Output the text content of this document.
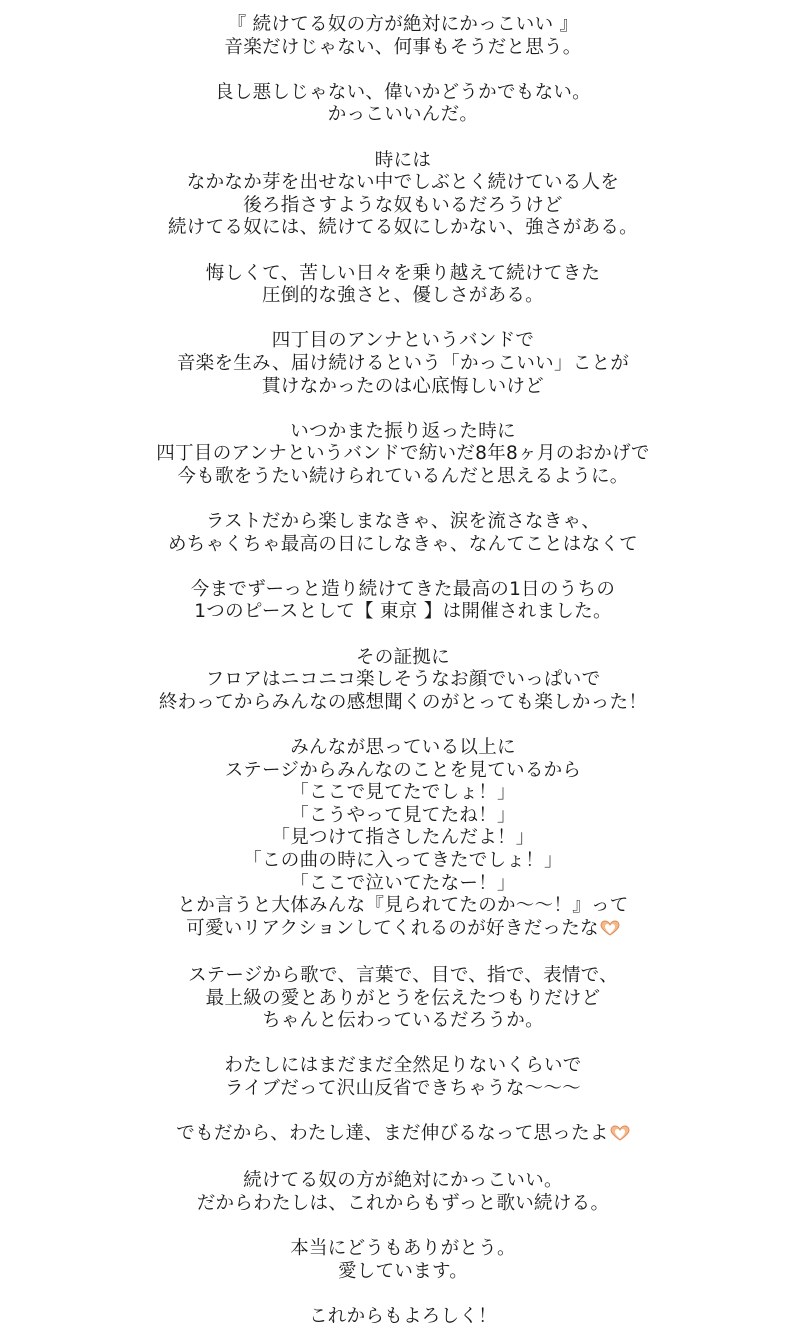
『 続けてる奴の方が絶対にかっこいい 』
音楽だけじゃない、何事もそうだと思う。
良し悪しじゃない、偉いかどうかでもない。
かっこいいんだ。
時には
なかなか芽を出せない中でしぶとく続けている人を
後ろ指さすような奴もいるだろうけど
続けてる奴には、続けてる奴にしかない、強さがある。
悔しくて、苦しい日々を乗り越えて続けてきた
圧倒的な強さと、優しさがある。
四丁目のアンナというバンドで
音楽を生み、届け続けるという「かっこいい」ことが
貫けなかったのは心底悔しいけど
いつかまた振り返った時に
四丁目のアンナというバンドで紡いだ8年8ヶ月のおかげで
今も歌をうたい続けられているんだと思えるように。
ラストだから楽しまなきゃ、涙を流さなきゃ、
めちゃくちゃ最高の日にしなきゃ、なんてことはなくて
今までずーっと造り続けてきた最高の1日のうちの
1つのピースとして【 東京 】は開催されました。
その証拠に
フロアはニコニコ楽しそうなお顔でいっぱいで
終わってからみんなの感想聞くのがとっても楽しかった！
みんなが思っている以上に
ステージからみんなのことを見ているから
「ここで見てたでしょ！」
「こうやって見てたね！」
「見つけて指さしたんだよ！」
「この曲の時に入ってきたでしょ！」
「ここで泣いてたなー！」
とか言うと大体みんな『見られてたのか〜〜！』って
可愛いリアクションしてくれるのが好きだったな
ステージから歌で、言葉で、目で、指で、表情で、
最上級の愛とありがとうを伝えたつもりだけど
ちゃんと伝わっているだろうか。
わたしにはまだまだ全然足りないくらいで
ライブだって沢山反省できちゃうな〜〜〜
でもだから、わたし達、まだ伸びるなって思ったよ
続けてる奴の方が絶対にかっこいい。
だからわたしは、これからもずっと歌い続ける。
本当にどうもありがとう。
愛しています。
これからもよろしく！
